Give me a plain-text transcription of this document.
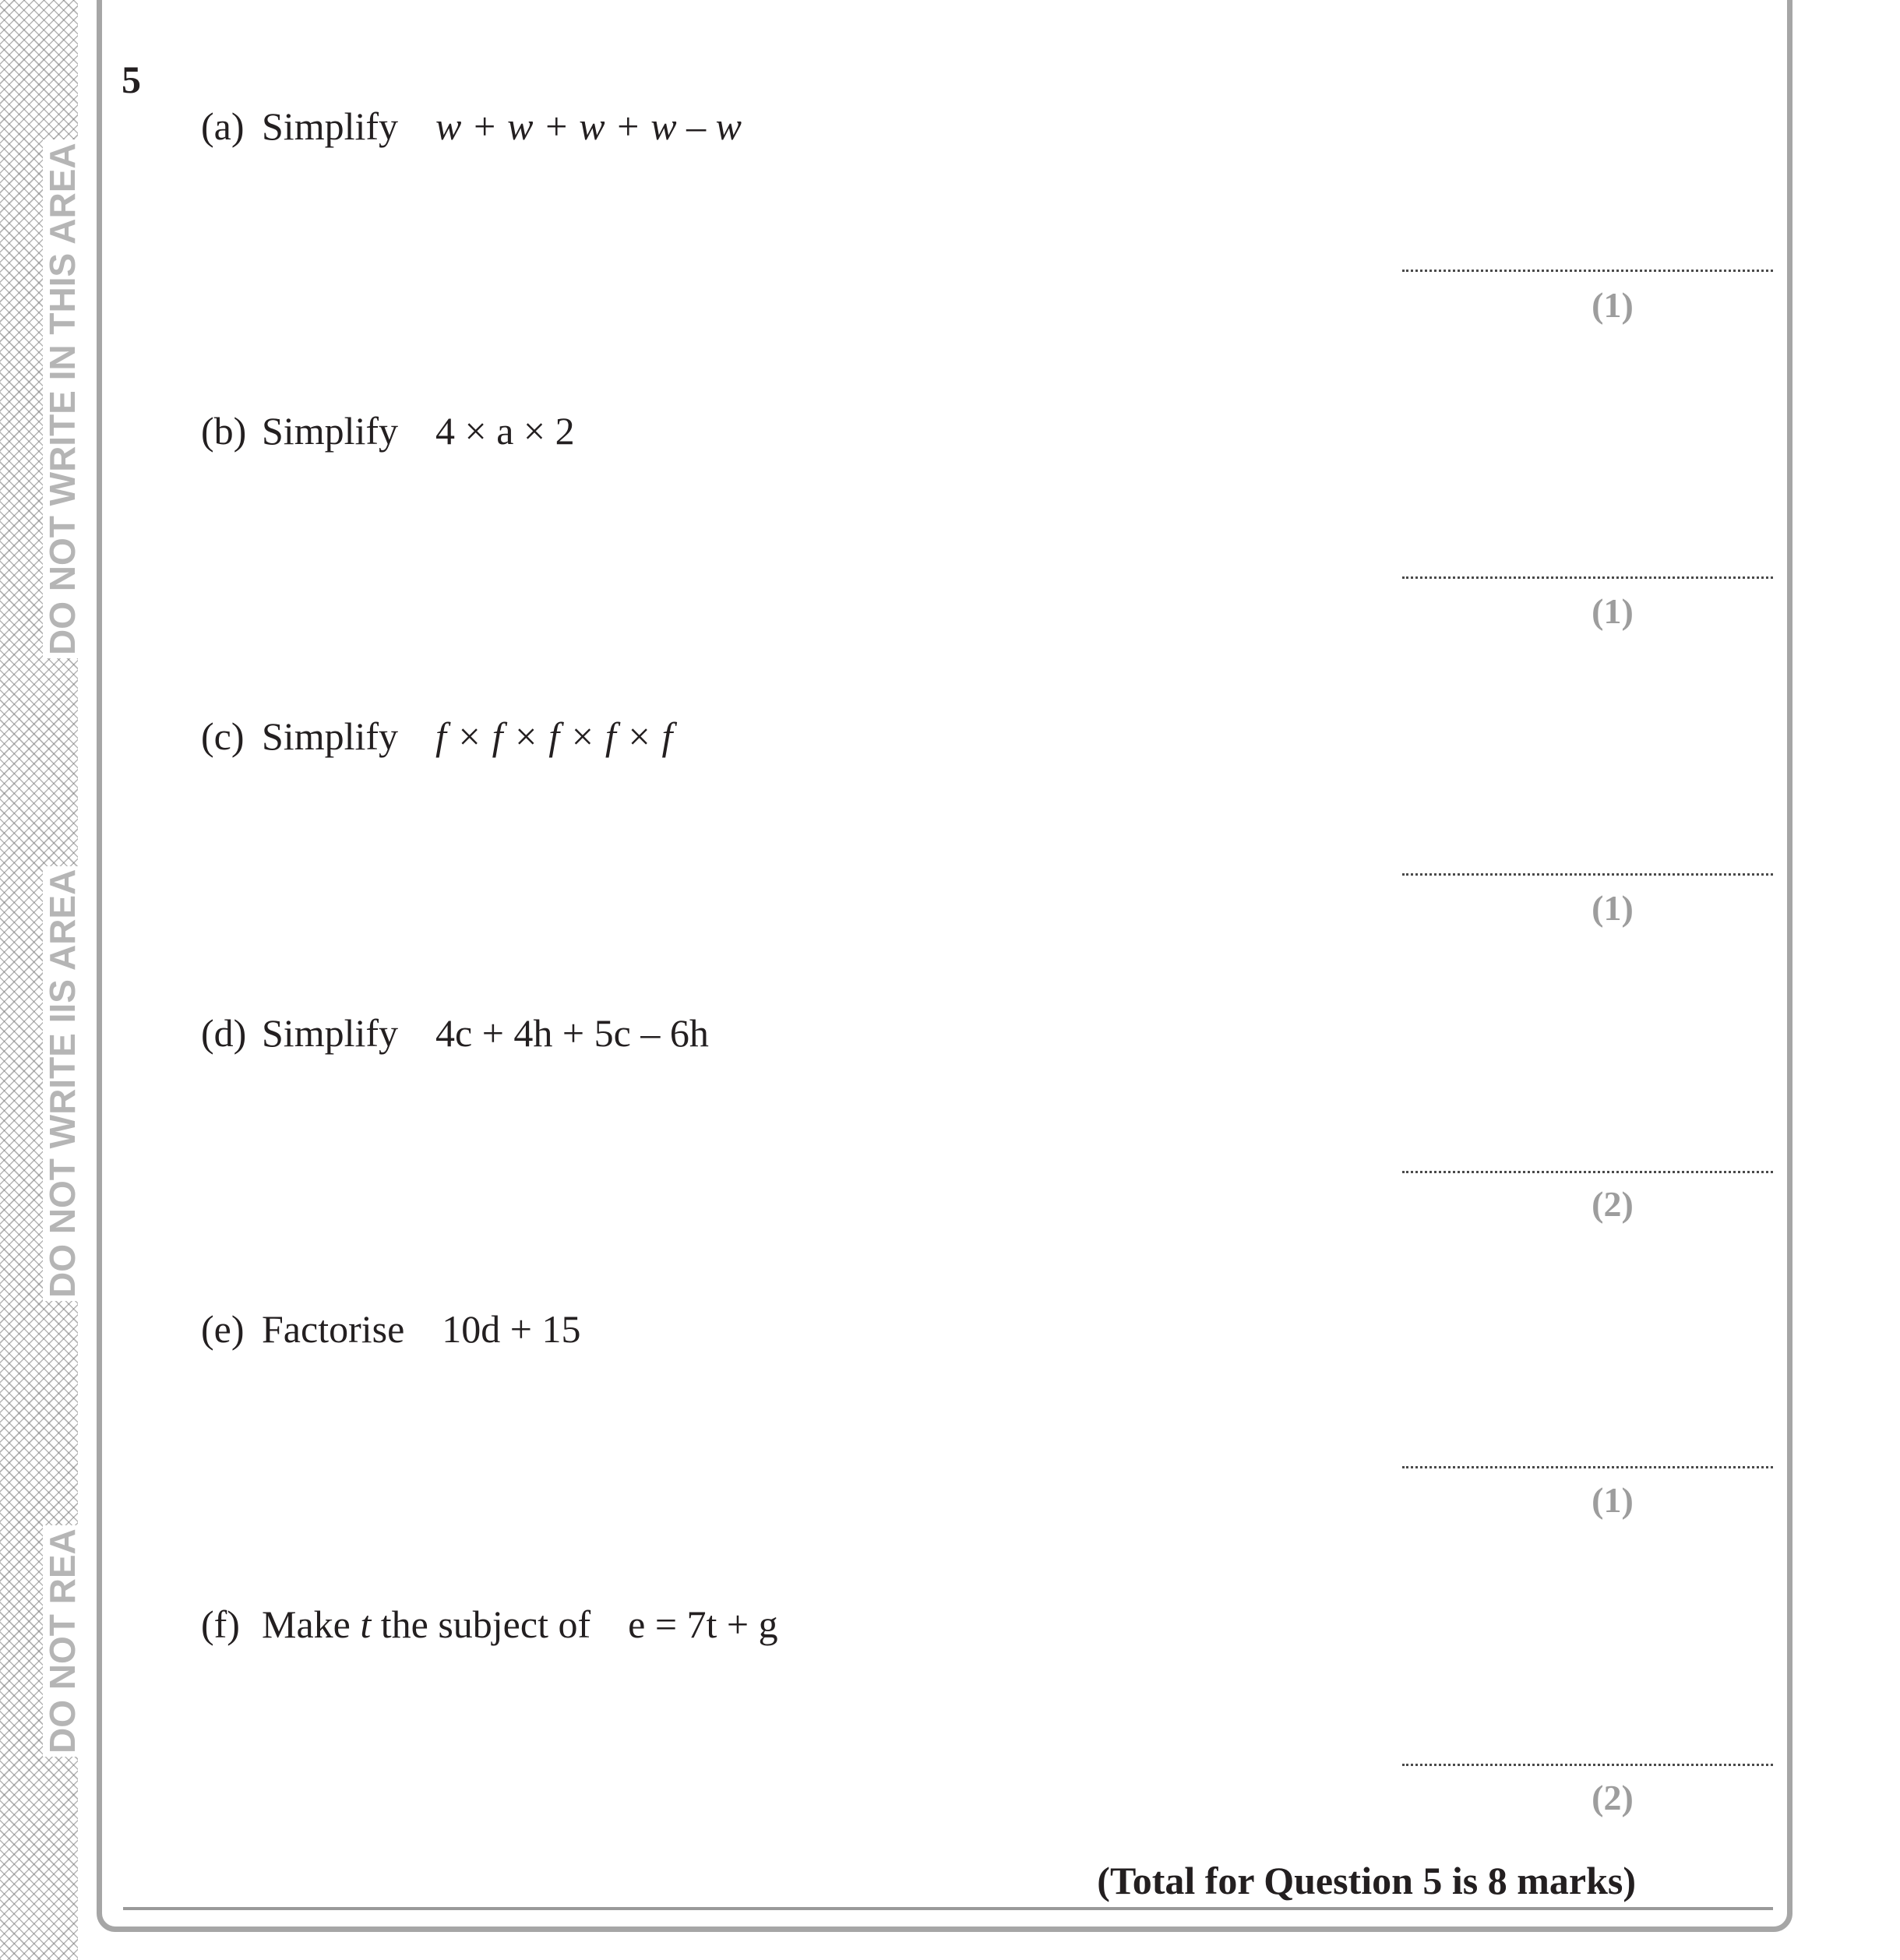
DO NOT WRITE IN THIS AREA
DO NOT WRITE IIS AREA
DO NOT REA
5

(a) Simplify w + w + w + w – w

(1)

(b) Simplify 4 × a × 2

(1)

(c) Simplify f × f × f × f × f

(1)

(d) Simplify 4c + 4h + 5c – 6h

(2)

(e) Factorise 10d + 15

(1)

(f) Make t the subject of e = 7t + g

(2)
(Total for Question 5 is 8 marks)
